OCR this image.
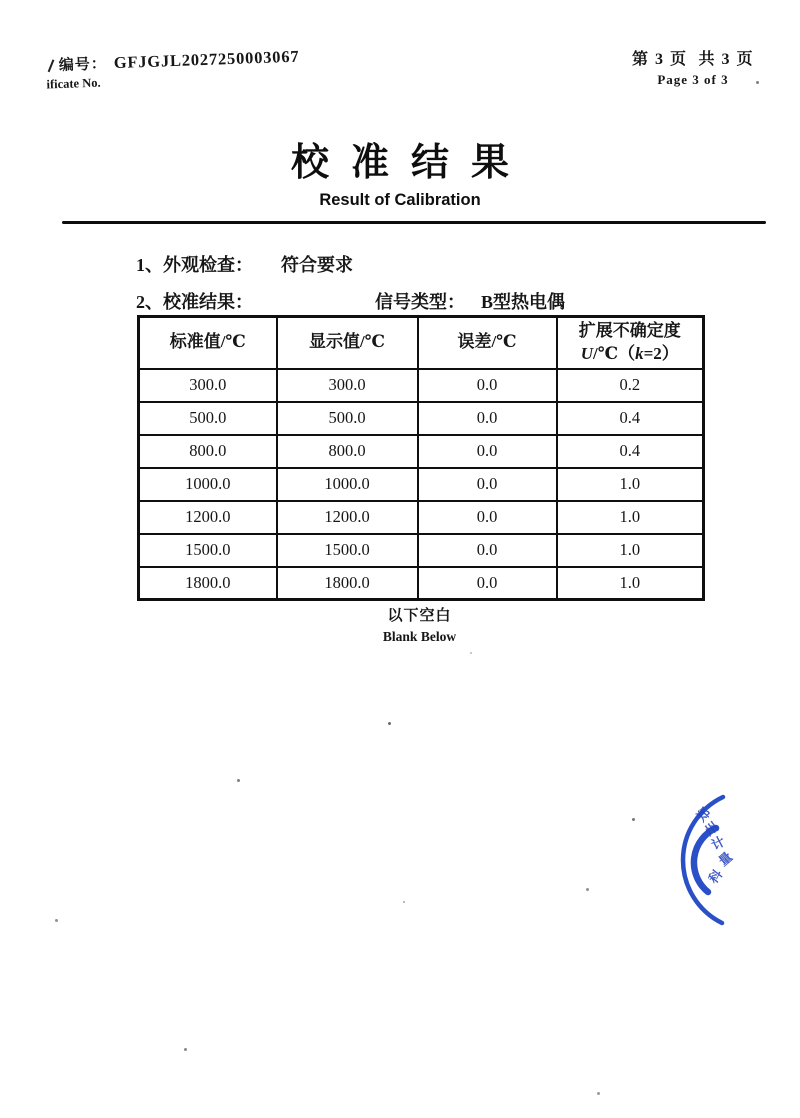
编号： GFJGJL2027250003067
ificate No.
第 3 页  共 3 页
Page 3 of 3
校准结果
Result of Calibration
1、外观检查： 符合要求
2、校准结果：	信号类型： B型热电偶
标准值/℃	显示值/℃	误差/℃	扩展不确定度
U/℃（k=2）

300.0	300.0	0.0	0.2
500.0	500.0	0.0	0.4
800.0	800.0	0.0	0.4
1000.0	1000.0	0.0	1.0
1200.0	1200.0	0.0	1.0
1500.0	1500.0	0.0	1.0
1800.0	1800.0	0.0	1.0
以下空白
Blank Below
郑
州
计
量
科
